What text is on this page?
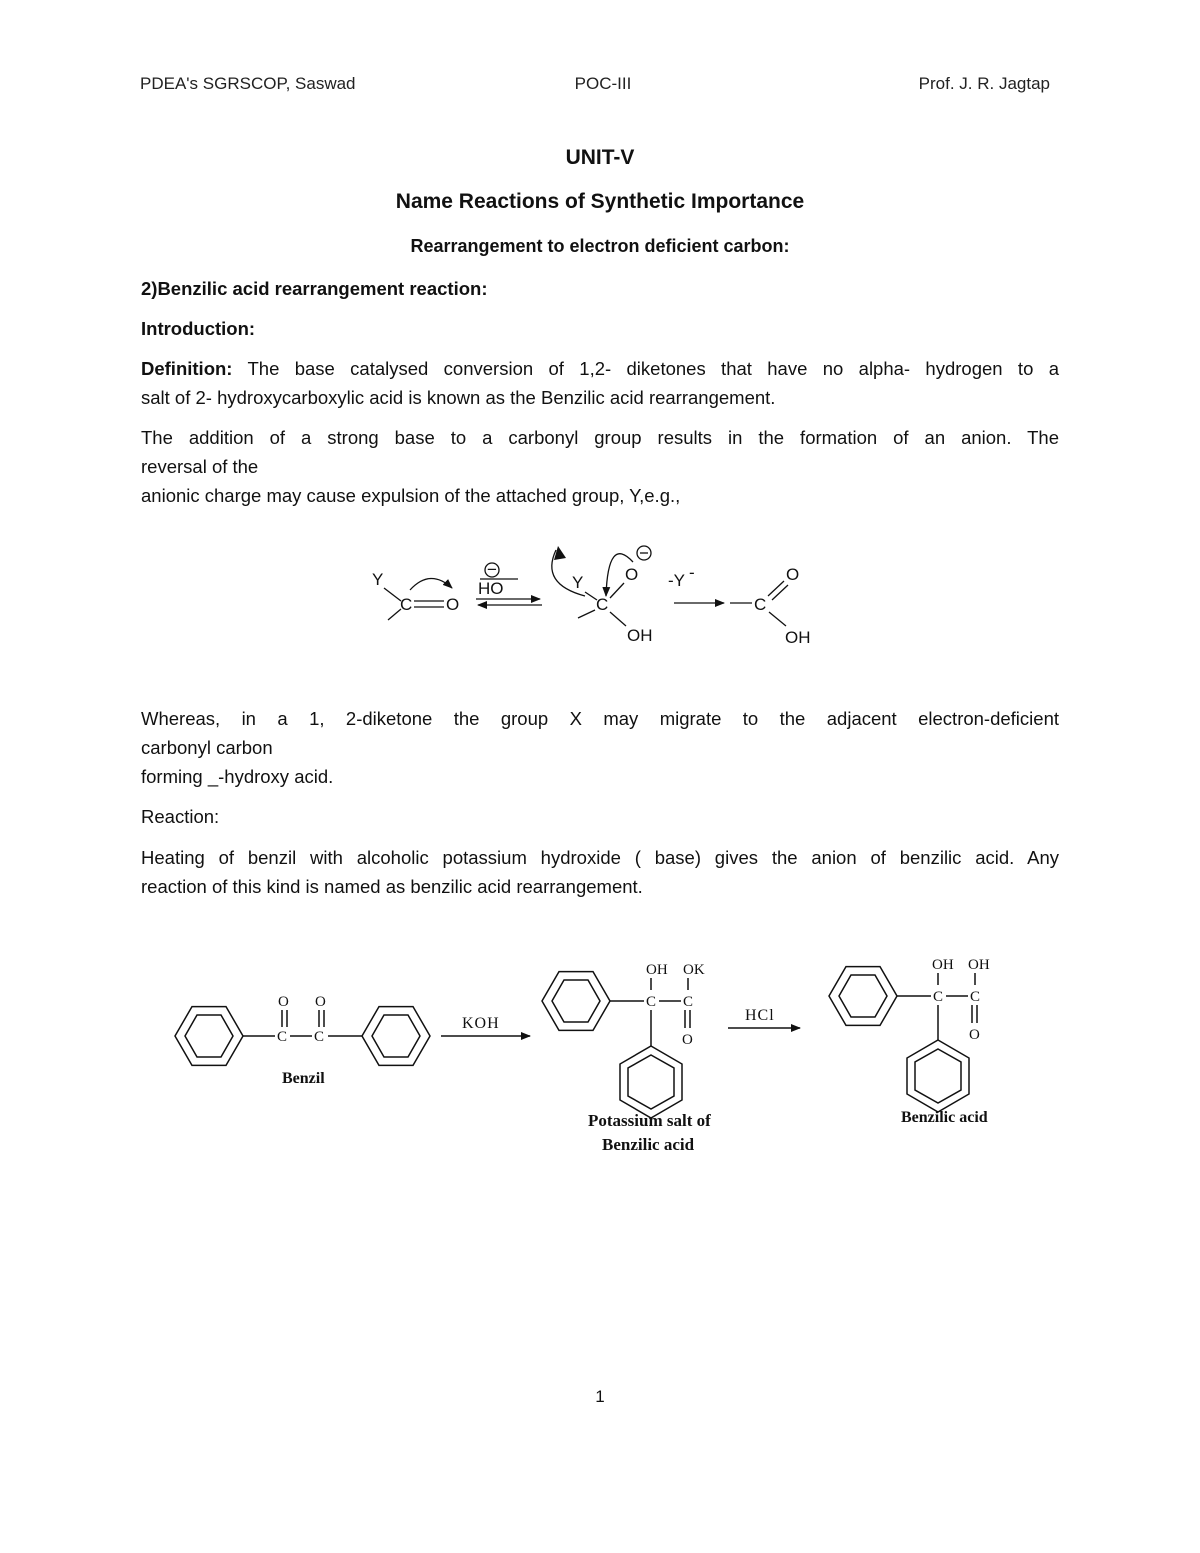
PDEA's SGRSCOP, Saswad	POC-III	Prof. J. R. Jagtap
UNIT-V
Name Reactions of Synthetic Importance
Rearrangement to electron deficient carbon:
2)Benzilic acid rearrangement reaction:
Introduction:
Definition: The base catalysed conversion of 1,2- diketones that have no alpha- hydrogen to a
salt of 2- hydroxycarboxylic acid is known as the Benzilic acid rearrangement.
The addition of a strong base to a carbonyl group results in the formation of an anion. The
reversal of the
anionic charge may cause expulsion of the attached group, Y,e.g.,
Whereas, in a 1, 2-diketone the group X may migrate to the adjacent electron-deficient
carbonyl carbon
forming _-hydroxy acid.
Reaction:
Heating of benzil with alcoholic potassium hydroxide ( base) gives the anion of benzilic acid. Any
reaction of this kind is named as benzilic acid rearrangement.
Y
C O
−
HO	Y
C
O
OH
-Y -
C
O
OH
C
O
C
O
Benzil
KOH
C
OH
C
OK
O
Potassium salt of
Benzilic acid
HCl
C
OH
C
OH
O
Benzilic acid
1
